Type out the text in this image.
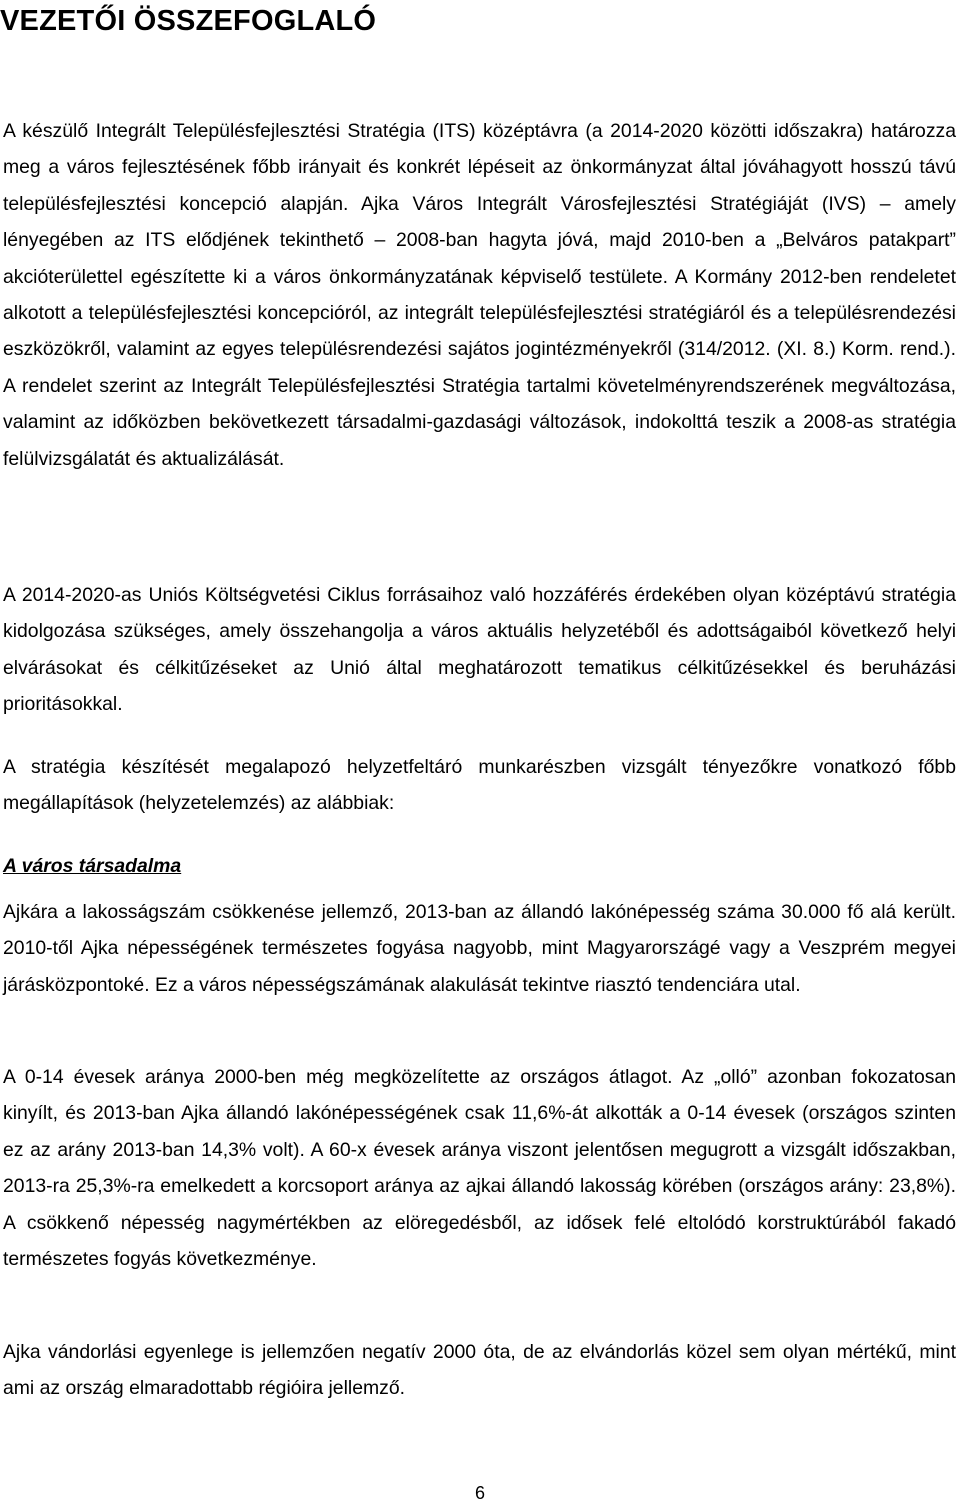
VEZETŐI ÖSSZEFOGLALÓ
A készülő Integrált Településfejlesztési Stratégia (ITS) középtávra (a 2014-2020 közötti időszakra) határozza meg a város fejlesztésének főbb irányait és konkrét lépéseit az önkormányzat által jóváhagyott hosszú távú településfejlesztési koncepció alapján. Ajka Város Integrált Városfejlesztési Stratégiáját (IVS) – amely lényegében az ITS elődjének tekinthető – 2008-ban hagyta jóvá, majd 2010-ben a „Belváros patakpart” akcióterülettel egészítette ki a város önkormányzatának képviselő testülete. A Kormány 2012-ben rendeletet alkotott a településfejlesztési koncepcióról, az integrált településfejlesztési stratégiáról és a településrendezési eszközökről, valamint az egyes településrendezési sajátos jogintézményekről (314/2012. (XI. 8.) Korm. rend.). A rendelet szerint az Integrált Településfejlesztési Stratégia tartalmi követelményrendszerének megváltozása, valamint az időközben bekövetkezett társadalmi-gazdasági változások, indokolttá teszik a 2008-as stratégia felülvizsgálatát és aktualizálását.

A 2014-2020-as Uniós Költségvetési Ciklus forrásaihoz való hozzáférés érdekében olyan középtávú stratégia kidolgozása szükséges, amely összehangolja a város aktuális helyzetéből és adottságaiból következő helyi elvárásokat és célkitűzéseket az Unió által meghatározott tematikus célkitűzésekkel és beruházási prioritásokkal.

A stratégia készítését megalapozó helyzetfeltáró munkarészben vizsgált tényezőkre vonatkozó főbb megállapítások (helyzetelemzés) az alábbiak:

A város társadalma

Ajkára a lakosságszám csökkenése jellemző, 2013-ban az állandó lakónépesség száma 30.000 fő alá került. 2010-től Ajka népességének természetes fogyása nagyobb, mint Magyarországé vagy a Veszprém megyei járásközpontoké. Ez a város népességszámának alakulását tekintve riasztó tendenciára utal.

A 0-14 évesek aránya 2000-ben még megközelítette az országos átlagot. Az „olló” azonban fokozatosan kinyílt, és 2013-ban Ajka állandó lakónépességének csak 11,6%-át alkották a 0-14 évesek (országos szinten ez az arány 2013-ban 14,3% volt). A 60-x évesek aránya viszont jelentősen megugrott a vizsgált időszakban, 2013-ra 25,3%-ra emelkedett a korcsoport aránya az ajkai állandó lakosság körében (országos arány: 23,8%). A csökkenő népesség nagymértékben az elöregedésből, az idősek felé eltolódó korstruktúrából fakadó természetes fogyás következménye.

Ajka vándorlási egyenlege is jellemzően negatív 2000 óta, de az elvándorlás közel sem olyan mértékű, mint ami az ország elmaradottabb régióira jellemző.

6
